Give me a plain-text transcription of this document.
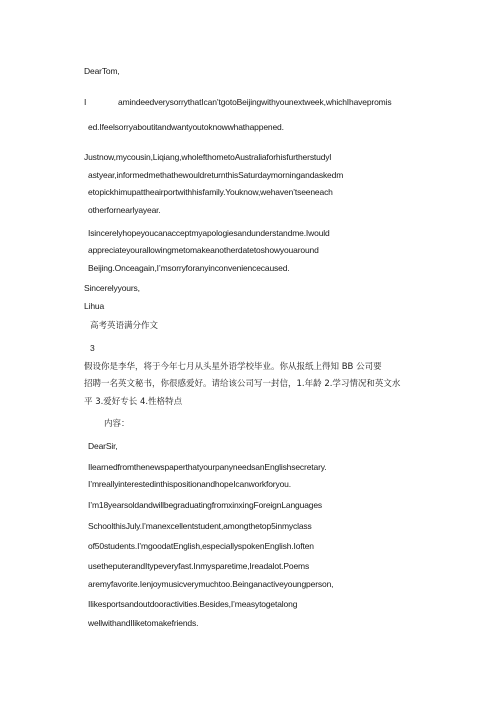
DearTom,
I	amindeedverysorrythatIcan’tgotoBeijingwithyounextweek,whichIhavepromis
ed.Ifeelsorryaboutitandwantyoutoknowwhathappened.
Justnow,mycousin,Liqiang,wholefthometoAustraliaforhisfurtherstudyl
astyear,informedmethathewouldreturnthisSaturdaymorningandaskedm
etopickhimupattheairportwithhisfamily.Youknow,wehaven’tseeneach
otherfornearlyayear.
Isincerelyhopeyoucanacceptmyapologiesandunderstandme.Iwould
appreciateyourallowingmetomakeanotherdatetoshowyouaround
Beijing.Onceagain,I’msorryforanyinconveniencecaused.
Sincerelyyours,
Lihua
高考英语满分作文
3
假设你是李华，将于今年七月从头星外语学校毕业。你从报纸上得知 BB 公司要
招聘一名英文秘书，你很感爱好。请给该公司写一封信，1.年龄 2.学习情况和英文水
平 3.爱好专长 4.性格特点
内容：
DearSir,
IlearnedfromthenewspaperthatyourpanyneedsanEnglishsecretary.
I’mreallyinterestedinthispositionandhopeIcanworkforyou.
I’m18yearsoldandwillbegraduatingfromxinxingForeignLanguages
SchoolthisJuly.I’manexcellentstudent,amongthetop5inmyclass
of50students.I’mgoodatEnglish,especiallyspokenEnglish.Ioften
usetheputerandItypeveryfast.Inmysparetime,Ireadalot.Poems
aremyfavorite.Ienjoymusicverymuchtoo.Beinganactiveyoungperson,
Ilikesportsandoutdooractivities.Besides,I’measytogetalong
wellwithandIliketomakefriends.
